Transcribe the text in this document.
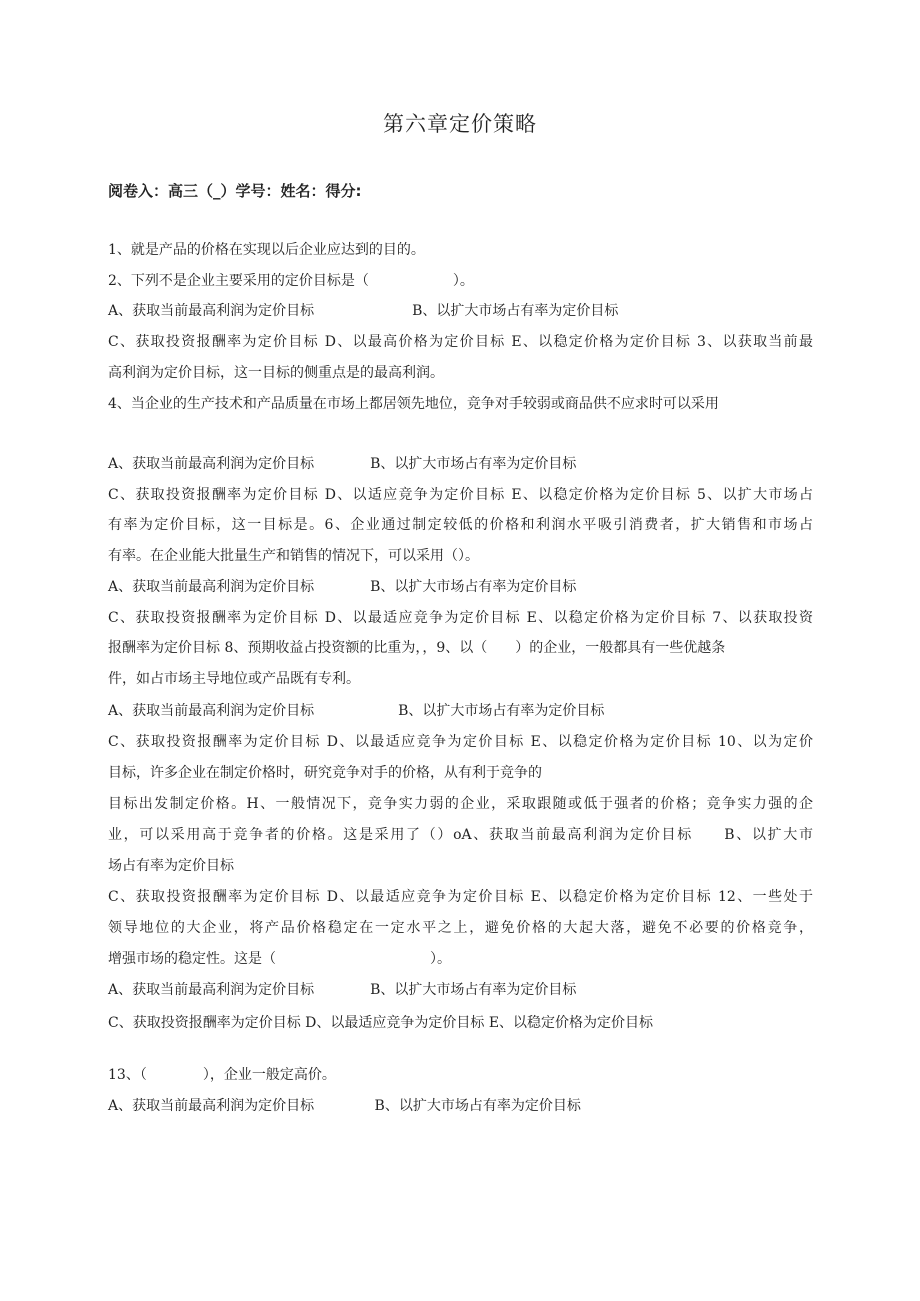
第六章定价策略
阅卷入：高三（_）学号：姓名：得分:
1、就是产品的价格在实现以后企业应达到的目的。
2、下列不是企业主要采用的定价目标是（　　　　　　）。
A、获取当前最高利润为定价目标　　　　　　　B、以扩大市场占有率为定价目标
C、获取投资报酬率为定价目标 D、以最高价格为定价目标 E、以稳定价格为定价目标 3、以获取当前最
高利润为定价目标，这一目标的侧重点是的最高利润。
4、当企业的生产技术和产品质量在市场上都居领先地位，竞争对手较弱或商品供不应求时可以采用
A、获取当前最高利润为定价目标　　　　B、以扩大市场占有率为定价目标
C、获取投资报酬率为定价目标 D、以适应竞争为定价目标 E、以稳定价格为定价目标 5、以扩大市场占
有率为定价目标，这一目标是。6、企业通过制定较低的价格和利润水平吸引消费者，扩大销售和市场占
有率。在企业能大批量生产和销售的情况下，可以采用（）。
A、获取当前最高利润为定价目标　　　　B、以扩大市场占有率为定价目标
C、获取投资报酬率为定价目标 D、以最适应竞争为定价目标 E、以稳定价格为定价目标 7、以获取投资
报酬率为定价目标 8、预期收益占投资额的比重为，，9、以（　　）的企业，一般都具有一些优越条
件，如占市场主导地位或产品既有专利。
A、获取当前最高利润为定价目标　　　　　　B、以扩大市场占有率为定价目标
C、获取投资报酬率为定价目标 D、以最适应竞争为定价目标 E、以稳定价格为定价目标 10、以为定价
目标，许多企业在制定价格时，研究竞争对手的价格，从有利于竞争的
目标出发制定价格。H、一般情况下，竞争实力弱的企业，采取跟随或低于强者的价格；竞争实力强的企
业，可以采用高于竞争者的价格。这是采用了（）oA、获取当前最高利润为定价目标　　B、以扩大市
场占有率为定价目标
C、获取投资报酬率为定价目标 D、以最适应竞争为定价目标 E、以稳定价格为定价目标 12、一些处于
领导地位的大企业，将产品价格稳定在一定水平之上，避免价格的大起大落，避免不必要的价格竞争，
增强市场的稳定性。这是（　　　　　　　　　　　）。
A、获取当前最高利润为定价目标　　　　B、以扩大市场占有率为定价目标
C、获取投资报酬率为定价目标 D、以最适应竞争为定价目标 E、以稳定价格为定价目标
13、（　　　　），企业一般定高价。
A、获取当前最高利润为定价目标　　　　 B、以扩大市场占有率为定价目标
